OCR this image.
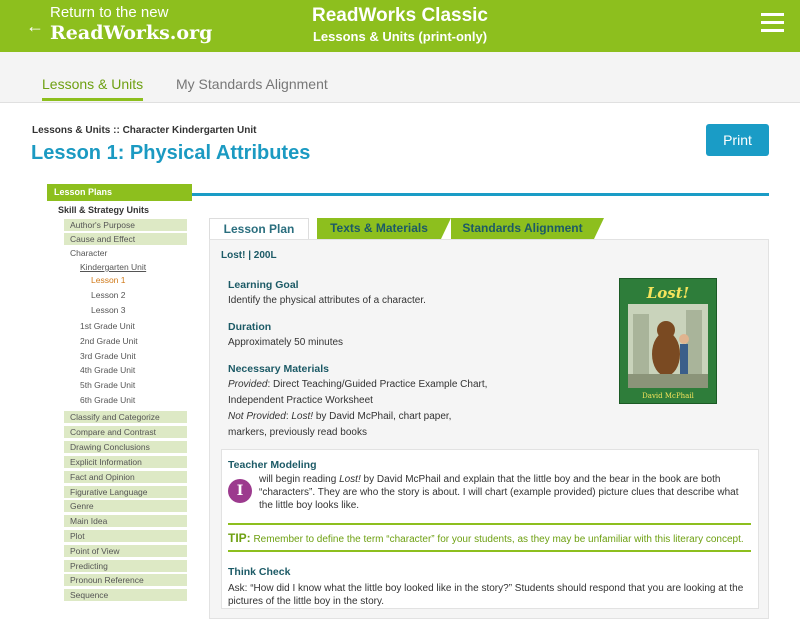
←
Return to the new
ReadWorks.org
ReadWorks Classic
Lessons & Units (print-only)
Lessons & Units My Standards Alignment
Lessons & Units :: Character Kindergarten Unit
Lesson 1: Physical Attributes
Print
Lesson Plans
Skill & Strategy Units
Author's Purpose
Cause and Effect
Character
Kindergarten Unit
Lesson 1
Lesson 2
Lesson 3
1st Grade Unit
2nd Grade Unit
3rd Grade Unit
4th Grade Unit
5th Grade Unit
6th Grade Unit
Classify and Categorize
Compare and Contrast
Drawing Conclusions
Explicit Information
Fact and Opinion
Figurative Language
Genre
Main Idea
Plot
Point of View
Predicting
Pronoun Reference
Sequence
Lesson Plan	Texts & Materials	Standards Alignment
Lost! | 200L
Learning Goal
Identify the physical attributes of a character.
Duration
Approximately 50 minutes
Necessary Materials
Provided: Direct Teaching/Guided Practice Example Chart,
Independent Practice Worksheet
Not Provided: Lost! by David McPhail, chart paper,
markers, previously read books
Lost!
David McPhail
Teacher Modeling
I
will begin reading Lost! by David McPhail and explain that the little boy and the bear in the book are both “characters”. They are who the story is about. I will chart (example provided) picture clues that describe what the little boy looks like.
TIP: Remember to define the term “character” for your students, as they may be unfamiliar with this literary concept.
Think Check
Ask: “How did I know what the little boy looked like in the story?” Students should respond that you are looking at the pictures of the little boy in the story.
